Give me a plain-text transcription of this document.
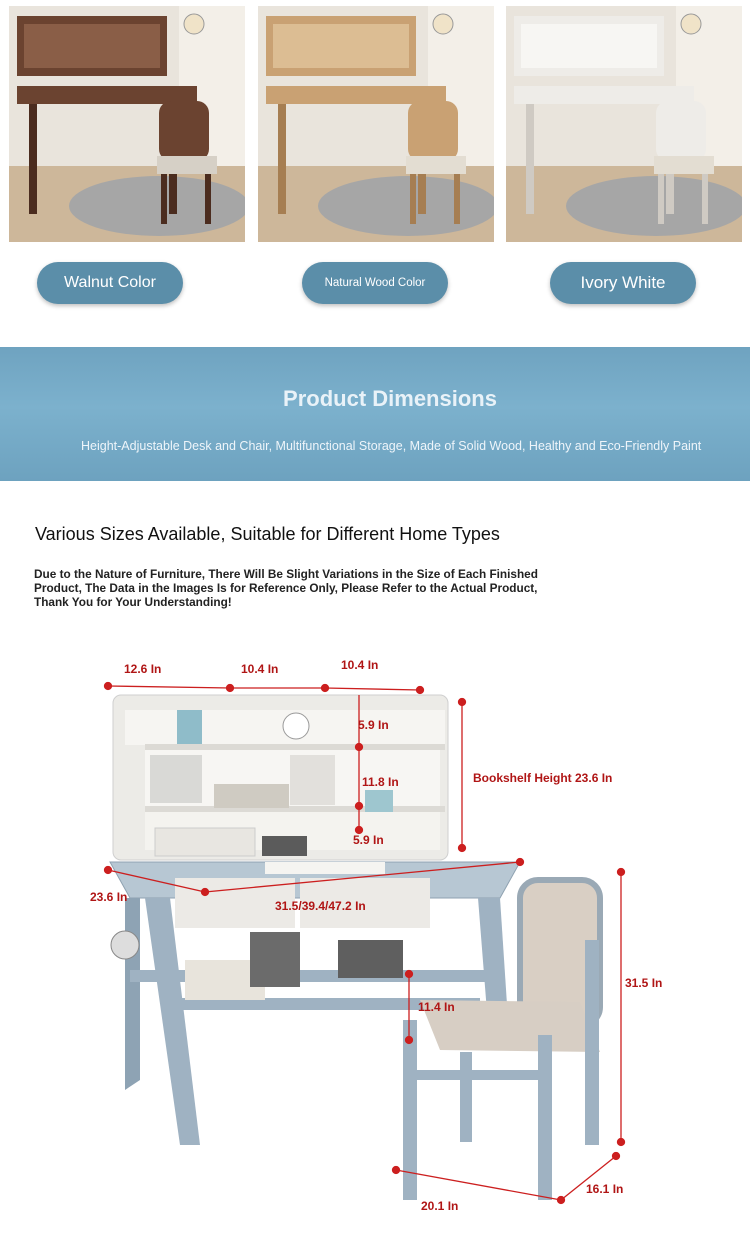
Walnut Color	Natural Wood Color	Ivory White
Product Dimensions
Height-Adjustable Desk and Chair, Multifunctional Storage, Made of Solid Wood, Healthy and Eco-Friendly Paint
Various Sizes Available, Suitable for Different Home Types
Due to the Nature of Furniture, There Will Be Slight Variations in the Size of Each Finished Product, The Data in the Images Is for Reference Only, Please Refer to the Actual Product, Thank You for Your Understanding!
12.6 In	10.4 In	10.4 In
5.9 In
11.8 In
5.9 In
Bookshelf Height 23.6 In
23.6 In
31.5/39.4/47.2 In
11.4 In
31.5 In
20.1 In
16.1 In
